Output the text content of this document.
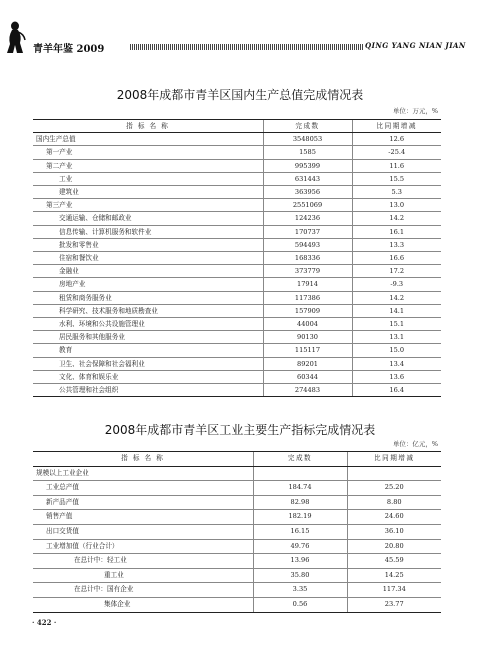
青羊年鉴 2009	QING YANG NIAN JIAN
2008年成都市青羊区国内生产总值完成情况表
单位：万元，%
指 标 名 称	完成数	比同期增减
国内生产总值	3548053	12.6
第一产业	1585	-25.4
第二产业	995399	11.6
工业	631443	15.5
建筑业	363956	5.3
第三产业	2551069	13.0
交通运输、仓储和邮政业	124236	14.2
信息传输、计算机服务和软件业	170737	16.1
批发和零售业	594493	13.3
住宿和餐饮业	168336	16.6
金融业	373779	17.2
房地产业	17914	-9.3
租赁和商务服务业	117386	14.2
科学研究、技术服务和地质勘查业	157909	14.1
水利、环境和公共设施管理业	44004	15.1
居民服务和其他服务业	90130	13.1
教育	115117	15.0
卫生、社会保障和社会福利业	89201	13.4
文化、体育和娱乐业	60344	13.6
公共管理和社会组织	274483	16.4
2008年成都市青羊区工业主要生产指标完成情况表
单位：亿元，%
指 标 名 称	完成数	比同期增减
规模以上工业企业		
工业总产值	184.74	25.20
新产品产值	82.98	8.80
销售产值	182.19	24.60
出口交货值	16.15	36.10
工业增加值（行业合计）	49.76	20.80
在总计中：轻工业	13.96	45.59
重工业	35.80	14.25
在总计中：国有企业	3.35	117.34
集体企业	0.56	23.77
· 422 ·
